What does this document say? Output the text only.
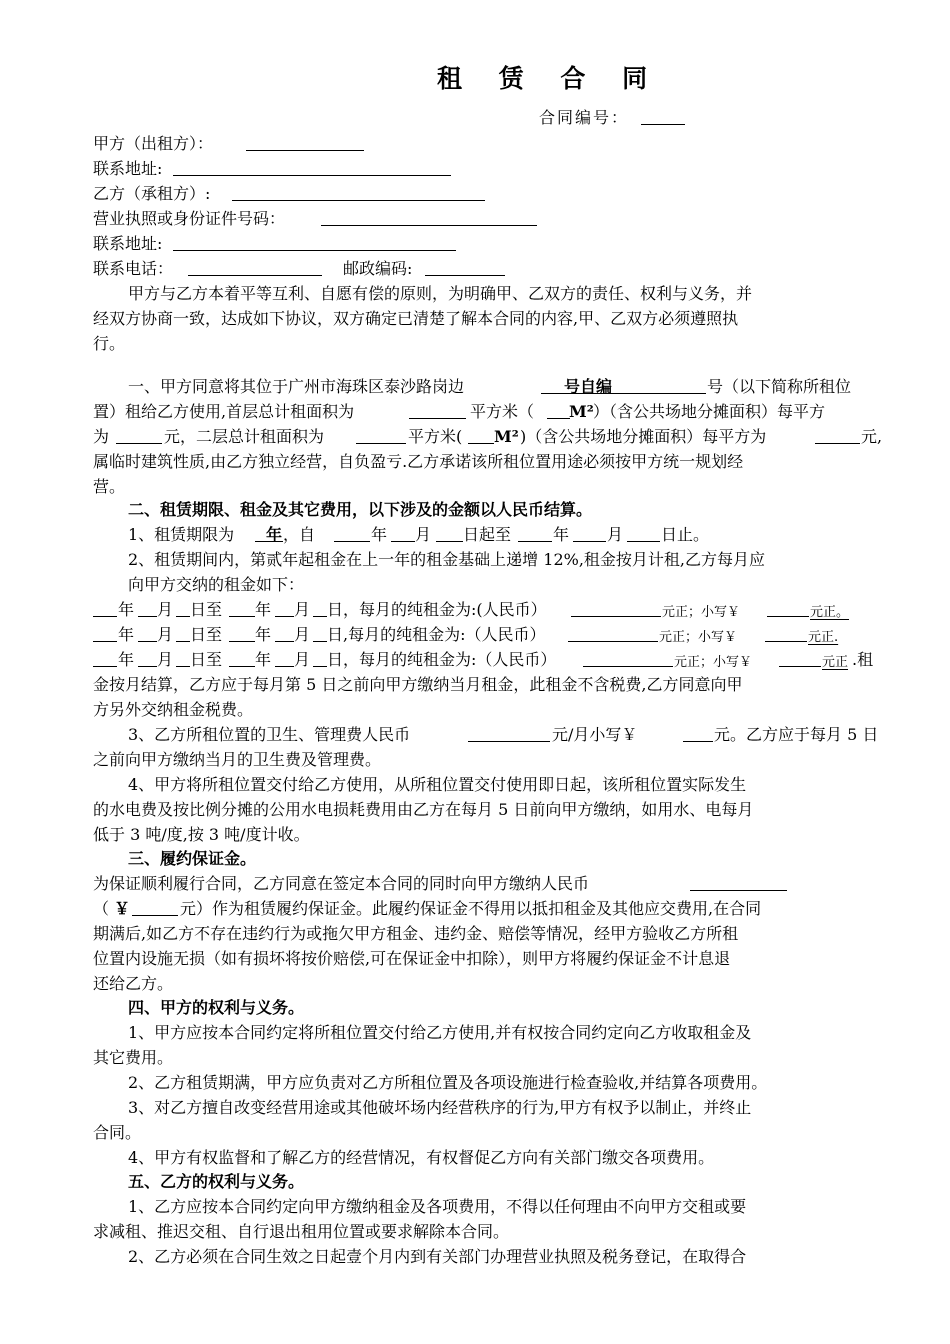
租 赁 合 同
合同编号：
甲方（出租方）：
联系地址:
乙方（承租方）:
营业执照或身份证件号码：
联系地址:
联系电话：	邮政编码:
甲方与乙方本着平等互利、自愿有偿的原则，为明确甲、乙双方的责任、权利与义务，并
经双方协商一致，达成如下协议，双方确定已清楚了解本合同的内容,甲、乙双方必须遵照执
行。
一、甲方同意将其位于广州市海珠区泰沙路岗边	号自编	号（以下简称所租位
置）租给乙方使用,首层总计租面积为	平方米（ M² ）（含公共场地分摊面积）每平方
为	元，二层总计租面积为	平方米( M² )（含公共场地分摊面积）每平方为	元,
属临时建筑性质,由乙方独立经营，自负盈亏.乙方承诺该所租位置用途必须按甲方统一规划经
营。
二、租赁期限、租金及其它费用，以下涉及的金额以人民币结算。
1、租赁期限为 年 ，自	年 月 日起至	年 月 日止。
2、租赁期间内，第贰年起租金在上一年的租金基础上递增 12%,租金按月计租,乙方每月应
向甲方交纳的租金如下：
年 月 日至 年 月 日，每月的纯租金为:(人民币）	元正；小写￥	元正。
年 月 日至 年 月 日,每月的纯租金为:（人民币）	元正；小写￥	元正.
年 月 日至 年 月 日，每月的纯租金为:（人民币）	元正；小写￥	元正 .租
金按月结算，乙方应于每月第 5 日之前向甲方缴纳当月租金，此租金不含税费,乙方同意向甲
方另外交纳租金税费。
3、乙方所租位置的卫生、管理费人民币	元/月小写￥	元。乙方应于每月 5 日
之前向甲方缴纳当月的卫生费及管理费。
4、甲方将所租位置交付给乙方使用，从所租位置交付使用即日起，该所租位置实际发生
的水电费及按比例分摊的公用水电损耗费用由乙方在每月 5 日前向甲方缴纳，如用水、电每月
低于 3 吨/度,按 3 吨/度计收。
三、履约保证金。
为保证顺利履行合同，乙方同意在签定本合同的同时向甲方缴纳人民币
（ ￥	元）作为租赁履约保证金。此履约保证金不得用以抵扣租金及其他应交费用,在合同
期满后,如乙方不存在违约行为或拖欠甲方租金、违约金、赔偿等情况，经甲方验收乙方所租
位置内设施无损（如有损坏将按价赔偿,可在保证金中扣除），则甲方将履约保证金不计息退
还给乙方。
四、甲方的权利与义务。
1、甲方应按本合同约定将所租位置交付给乙方使用,并有权按合同约定向乙方收取租金及
其它费用。
2、乙方租赁期满，甲方应负责对乙方所租位置及各项设施进行检查验收,并结算各项费用。
3、对乙方擅自改变经营用途或其他破坏场内经营秩序的行为,甲方有权予以制止，并终止
合同。
4、甲方有权监督和了解乙方的经营情况，有权督促乙方向有关部门缴交各项费用。
五、乙方的权利与义务。
1、乙方应按本合同约定向甲方缴纳租金及各项费用，不得以任何理由不向甲方交租或要
求减租、推迟交租、自行退出租用位置或要求解除本合同。
2、乙方必须在合同生效之日起壹个月内到有关部门办理营业执照及税务登记，在取得合
